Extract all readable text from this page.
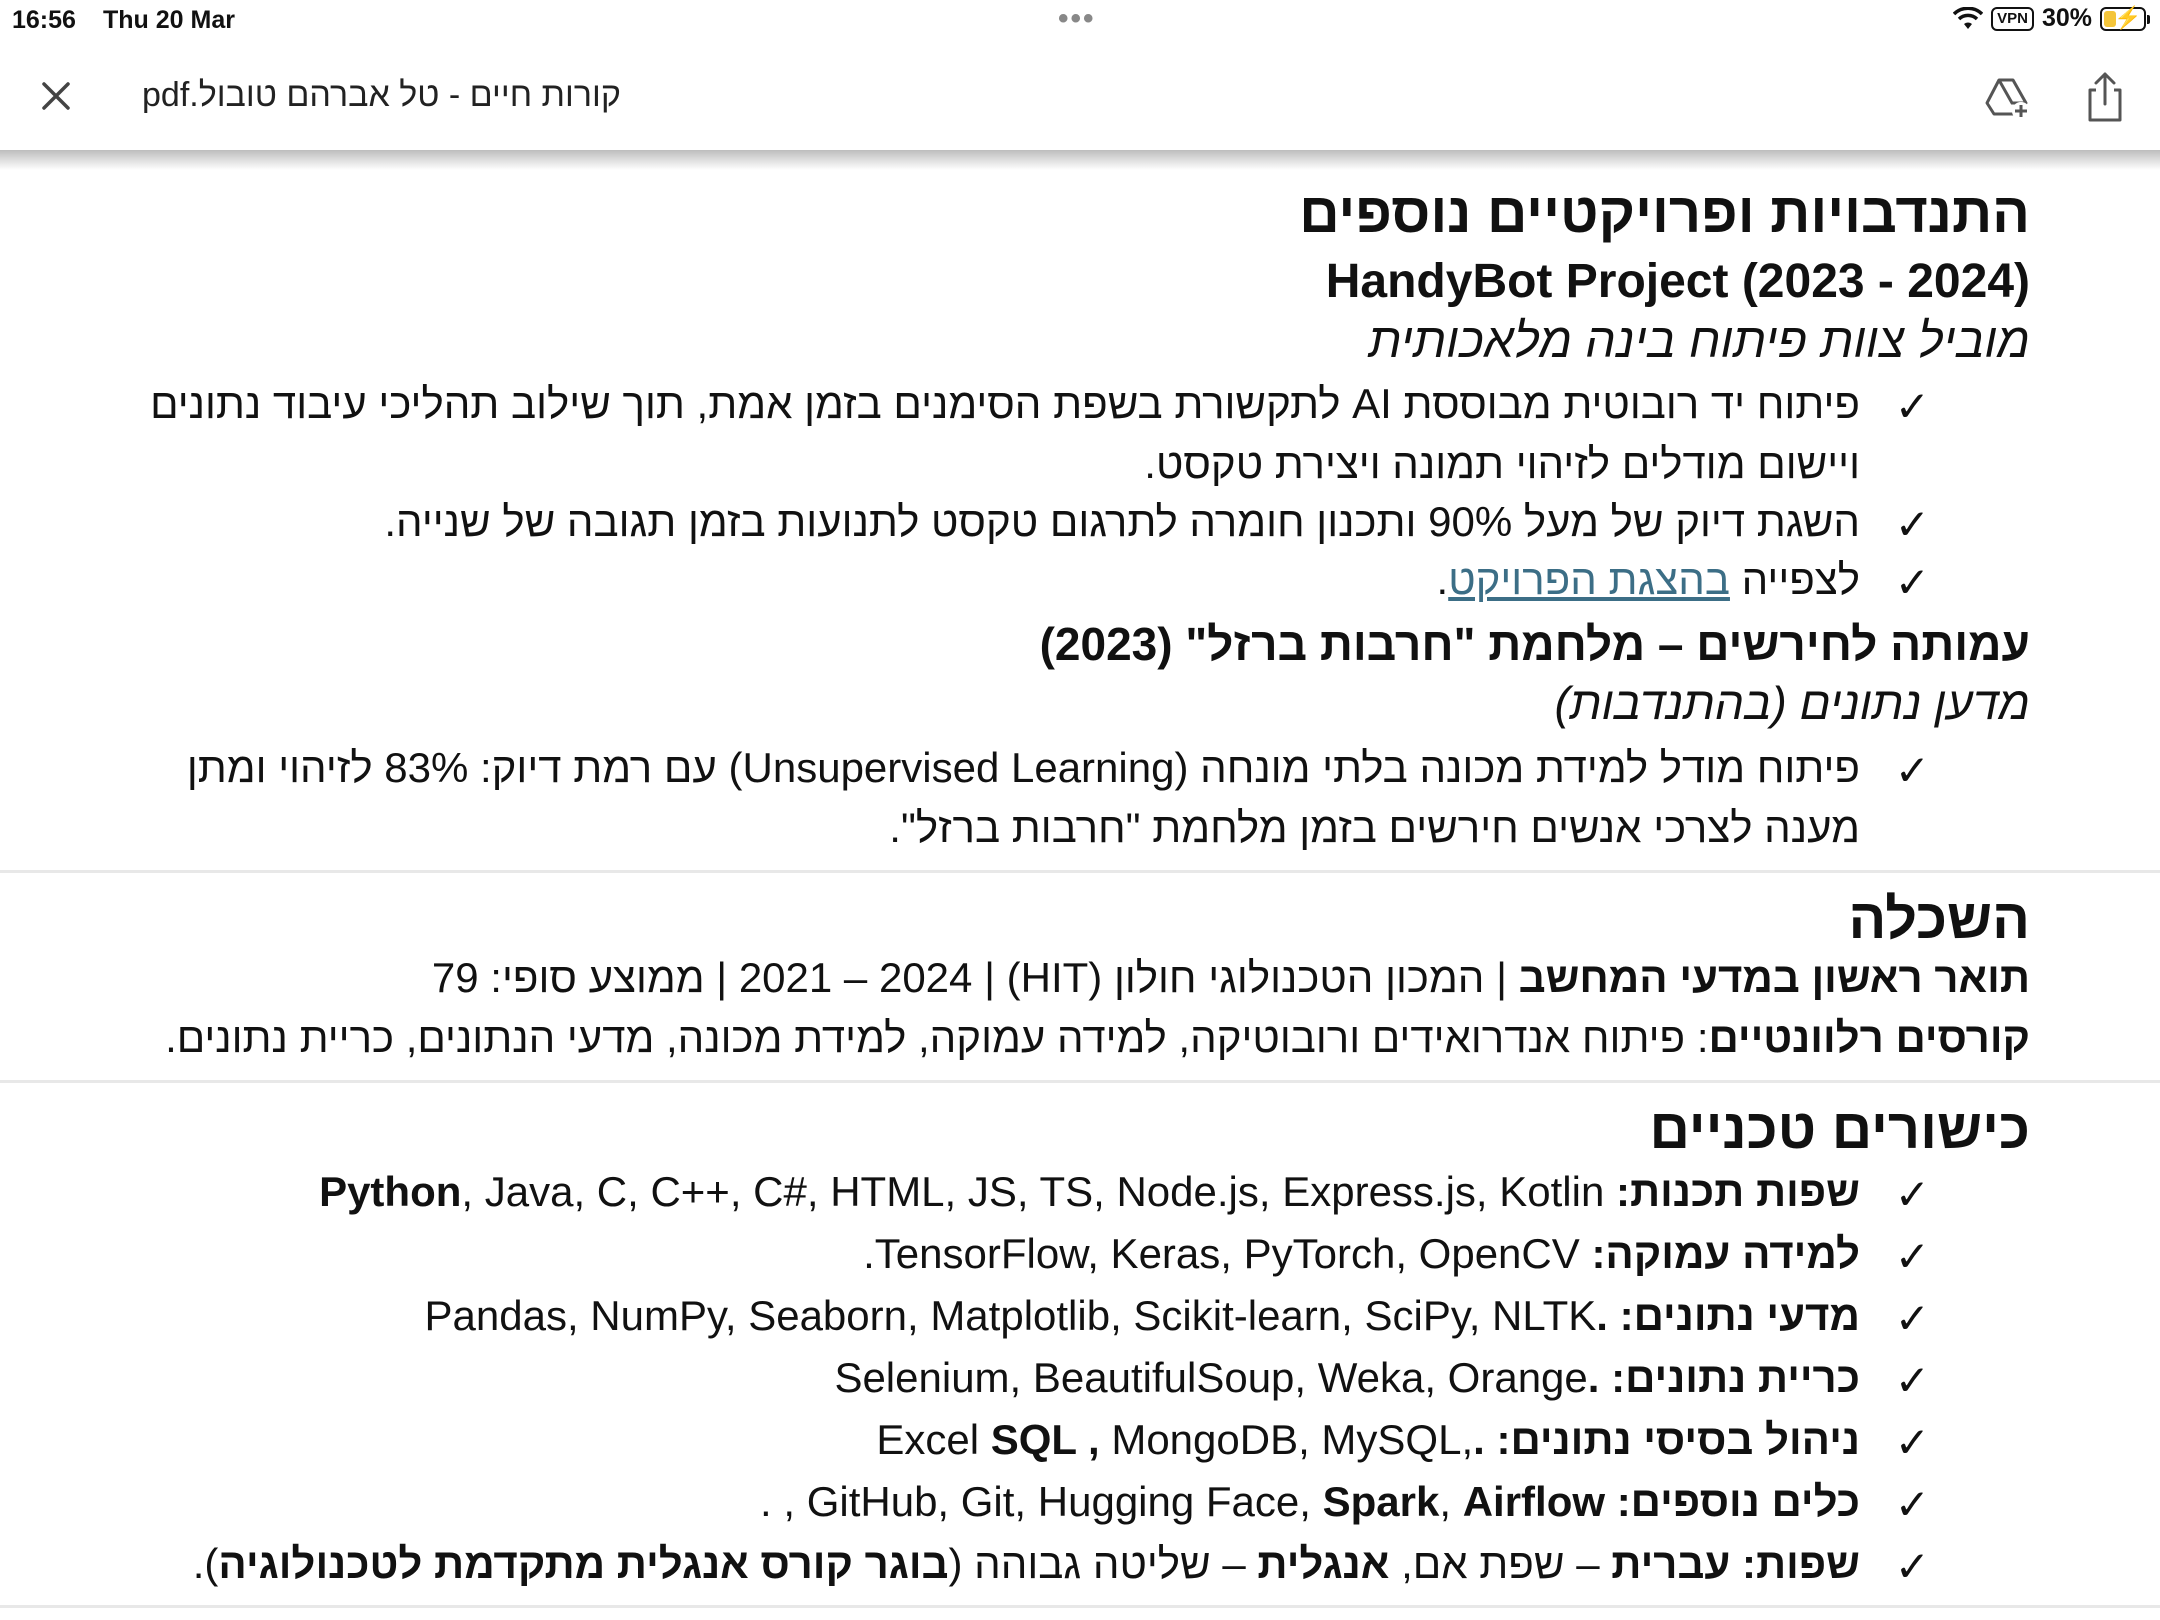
16:56 Thu 20 Mar	•••	VPN 30% ⚡
קורות חיים - טל אברהם טובול.pdf
התנדבויות ופרויקטיים נוספים
HandyBot Project (2023 - 2024)
מוביל צוות פיתוח בינה מלאכותית
✓
פיתוח יד רובוטית מבוססת AI לתקשורת בשפת הסימנים בזמן אמת, תוך שילוב תהליכי עיבוד נתונים
ויישום מודלים לזיהוי תמונה ויצירת טקסט.
✓
השגת דיוק של מעל 90% ותכנון חומרה לתרגום טקסט לתנועות בזמן תגובה של שנייה.
✓
לצפייה בהצגת הפרויקט.
עמותה לחירשים – מלחמת "חרבות ברזל" (2023)
מדען נתונים (בהתנדבות)
✓
פיתוח מודל למידת מכונה בלתי מונחה (Unsupervised Learning) עם רמת דיוק: 83% לזיהוי ומתן
מענה לצרכי אנשים חירשים בזמן מלחמת "חרבות ברזל".
השכלה
תואר ראשון במדעי המחשב | המכון הטכנולוגי חולון (HIT) | 2021 – 2024 | ממוצע סופי: 79
קורסים רלוונטיים: פיתוח אנדרואידים ורובוטיקה, למידה עמוקה, למידת מכונה, מדעי הנתונים, כריית נתונים.
כישורים טכניים
✓
שפות תכנות: Python, Java, C, C++, C#, HTML, JS, TS, Node.js, Express.js, Kotlin
✓
למידה עמוקה: TensorFlow, Keras, PyTorch, OpenCV.
✓
מדעי נתונים: .Pandas, NumPy, Seaborn, Matplotlib, Scikit-learn, SciPy, NLTK
✓
כריית נתונים: .Selenium, BeautifulSoup, Weka, Orange
✓
ניהול בסיסי נתונים: . Excel SQL , MongoDB, MySQL,
✓
כלים נוספים: . , GitHub, Git, Hugging Face, Spark, Airflow
✓
שפות: עברית – שפת אם, אנגלית – שליטה גבוהה (בוגר קורס אנגלית מתקדמת לטכנולוגיה).
